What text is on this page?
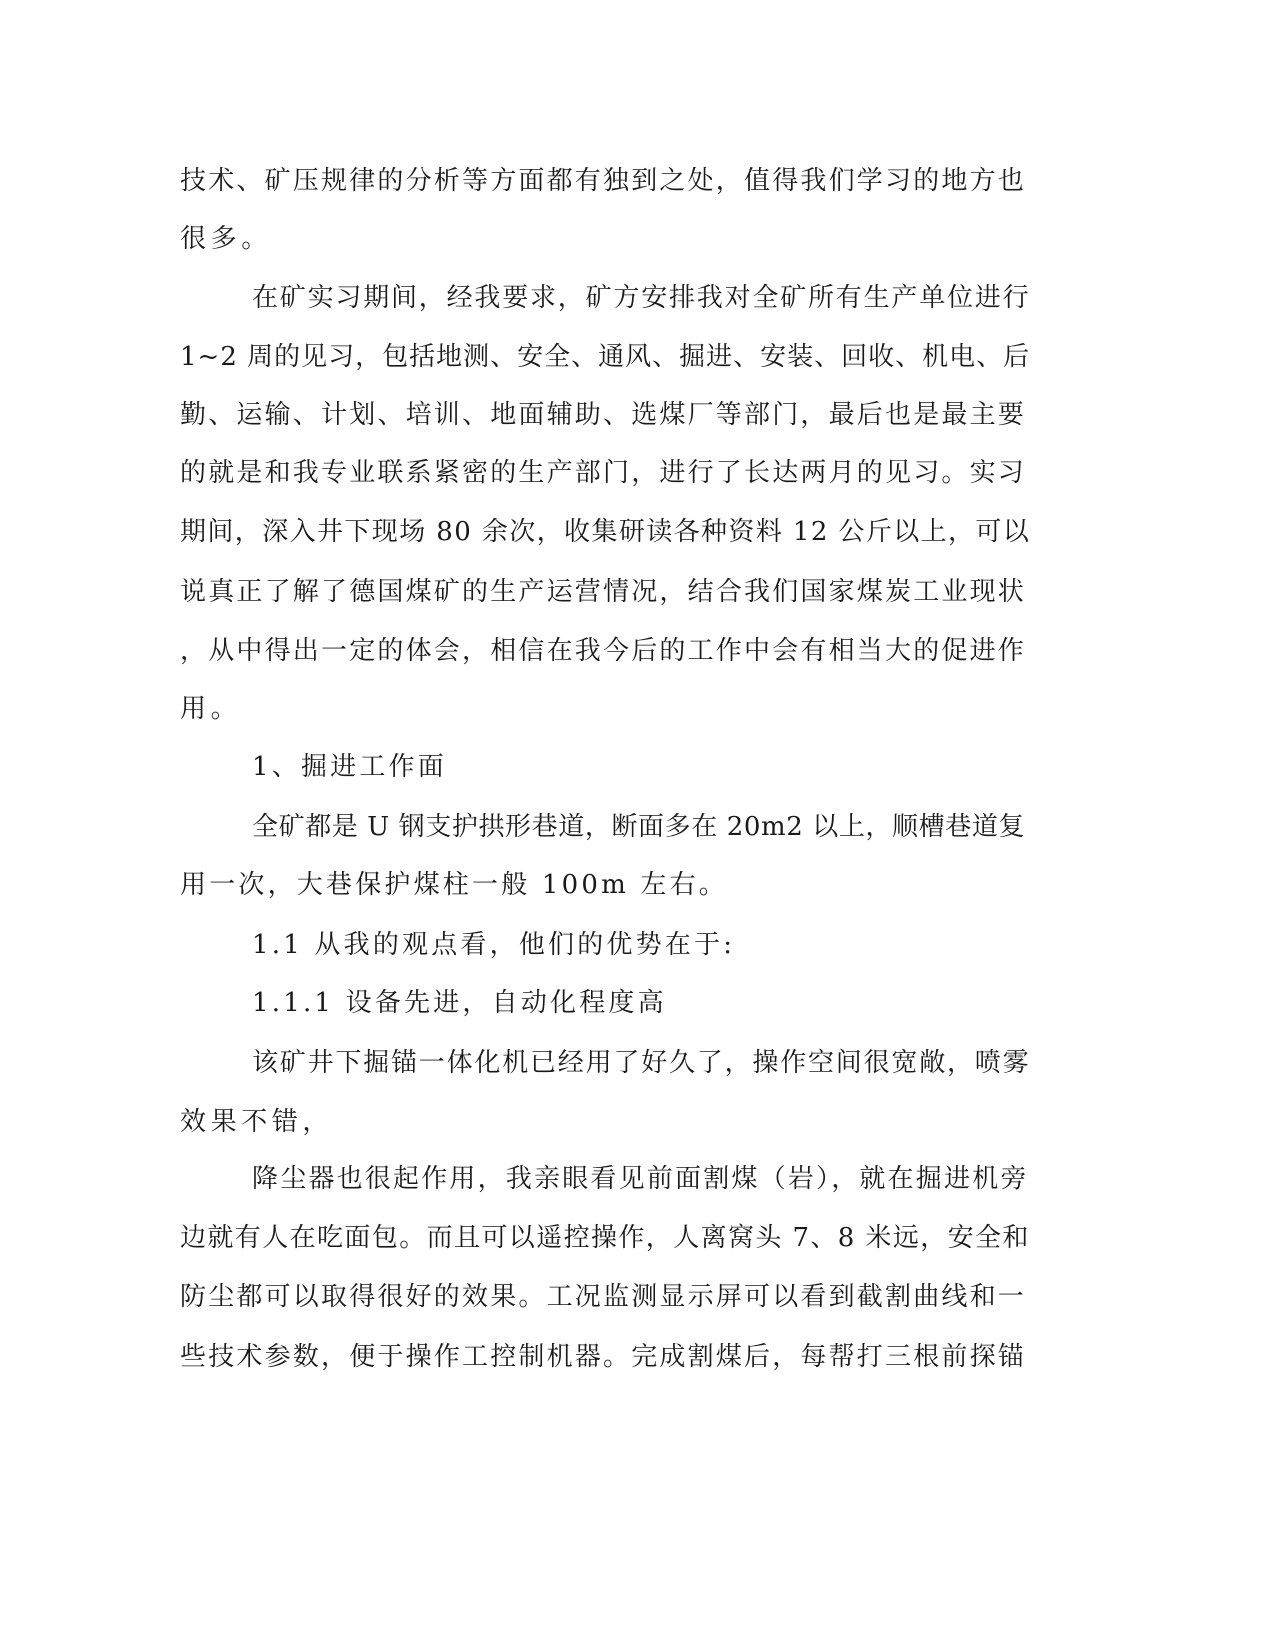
技术、矿压规律的分析等方面都有独到之处，值得我们学习的地方也

很多。

在矿实习期间，经我要求，矿方安排我对全矿所有生产单位进行

1~2 周的见习，包括地测、安全、通风、掘进、安装、回收、机电、后

勤、运输、计划、培训、地面辅助、选煤厂等部门，最后也是最主要

的就是和我专业联系紧密的生产部门，进行了长达两月的见习。实习

期间，深入井下现场 80 余次，收集研读各种资料 12 公斤以上，可以

说真正了解了德国煤矿的生产运营情况，结合我们国家煤炭工业现状

，从中得出一定的体会，相信在我今后的工作中会有相当大的促进作

用。

1、掘进工作面

全矿都是 U 钢支护拱形巷道，断面多在 20m2 以上，顺槽巷道复

用一次，大巷保护煤柱一般 100m 左右。

1.1 从我的观点看，他们的优势在于:

1.1.1 设备先进，自动化程度高

该矿井下掘锚一体化机已经用了好久了，操作空间很宽敞，喷雾

效果不错，

降尘器也很起作用，我亲眼看见前面割煤（岩），就在掘进机旁

边就有人在吃面包。而且可以遥控操作，人离窝头 7、8 米远，安全和

防尘都可以取得很好的效果。工况监测显示屏可以看到截割曲线和一

些技术参数，便于操作工控制机器。完成割煤后，每帮打三根前探锚
